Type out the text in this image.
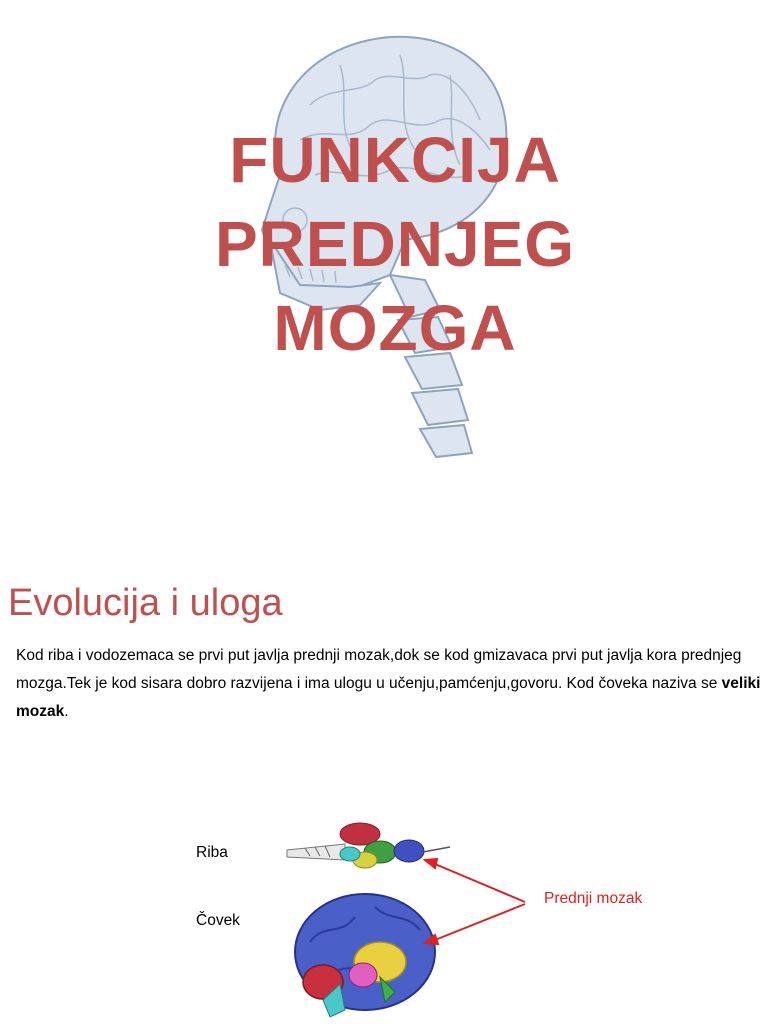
FUNKCIJA
PREDNJEG
MOZGA
Evolucija i uloga

Kod riba i vodozemaca se prvi put javlja prednji mozak,dok se kod gmizavaca prvi put javlja kora prednjeg mozga.Tek je kod sisara dobro razvijena i ima ulogu u učenju,pamćenju,govoru. Kod čoveka naziva se veliki mozak.

Riba
Čovek
Prednji mozak
